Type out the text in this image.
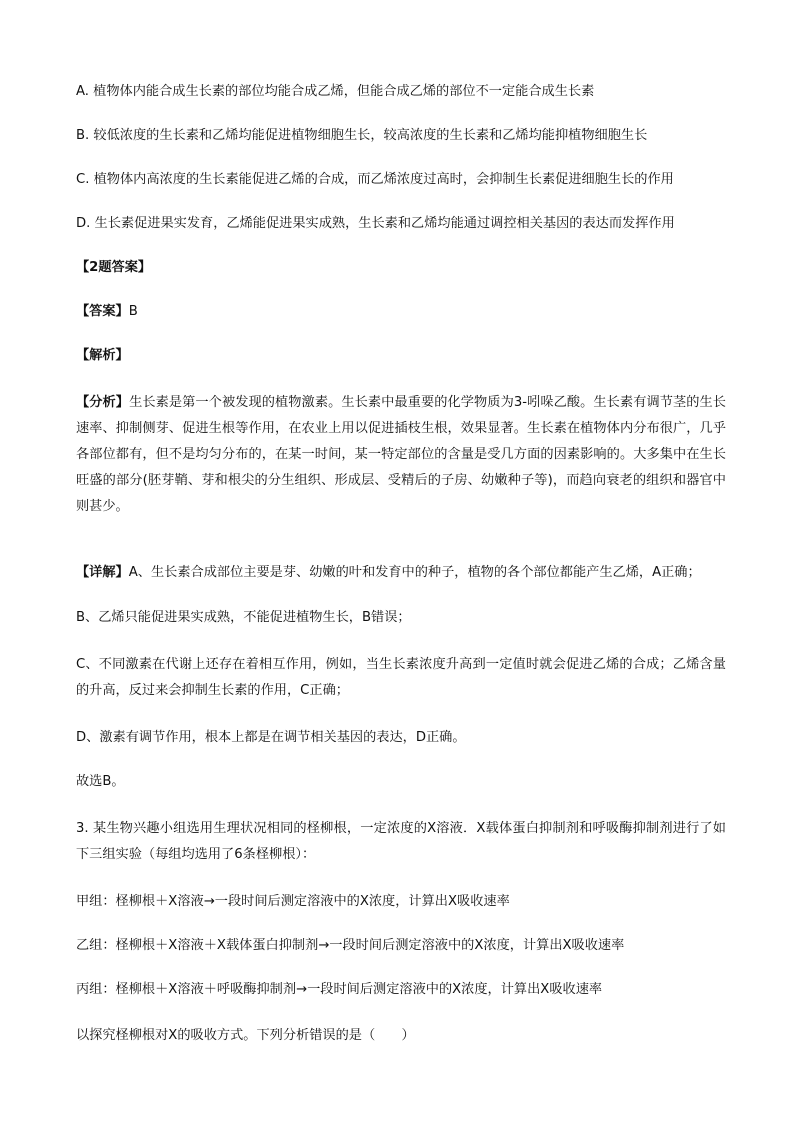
A. 植物体内能合成生长素的部位均能合成乙烯，但能合成乙烯的部位不一定能合成生长素
B. 较低浓度的生长素和乙烯均能促进植物细胞生长，较高浓度的生长素和乙烯均能抑植物细胞生长
C. 植物体内高浓度的生长素能促进乙烯的合成，而乙烯浓度过高时，会抑制生长素促进细胞生长的作用
D. 生长素促进果实发育，乙烯能促进果实成熟，生长素和乙烯均能通过调控相关基因的表达而发挥作用
【2题答案】
【答案】B
【解析】
【分析】生长素是第一个被发现的植物激素。生长素中最重要的化学物质为3-吲哚乙酸。生长素有调节茎的生长速率、抑制侧芽、促进生根等作用，在农业上用以促进插枝生根，效果显著。生长素在植物体内分布很广，几乎各部位都有，但不是均匀分布的，在某一时间，某一特定部位的含量是受几方面的因素影响的。大多集中在生长旺盛的部分(胚芽鞘、芽和根尖的分生组织、形成层、受精后的子房、幼嫩种子等)，而趋向衰老的组织和器官中则甚少。
【详解】A、生长素合成部位主要是芽、幼嫩的叶和发育中的种子，植物的各个部位都能产生乙烯，A正确；
B、乙烯只能促进果实成熟，不能促进植物生长，B错误；
C、不同激素在代谢上还存在着相互作用，例如，当生长素浓度升高到一定值时就会促进乙烯的合成；乙烯含量的升高，反过来会抑制生长素的作用，C正确；
D、激素有调节作用，根本上都是在调节相关基因的表达，D正确。
故选B。
3. 某生物兴趣小组选用生理状况相同的柽柳根，一定浓度的X溶液．X载体蛋白抑制剂和呼吸酶抑制剂进行了如下三组实验（每组均选用了6条柽柳根）：
甲组：柽柳根＋X溶液→一段时间后测定溶液中的X浓度，计算出X吸收速率
乙组：柽柳根＋X溶液＋X载体蛋白抑制剂→一段时间后测定溶液中的X浓度，计算出X吸收速率
丙组：柽柳根＋X溶液＋呼吸酶抑制剂→一段时间后测定溶液中的X浓度，计算出X吸收速率
以探究柽柳根对X的吸收方式。下列分析错误的是（　　）
